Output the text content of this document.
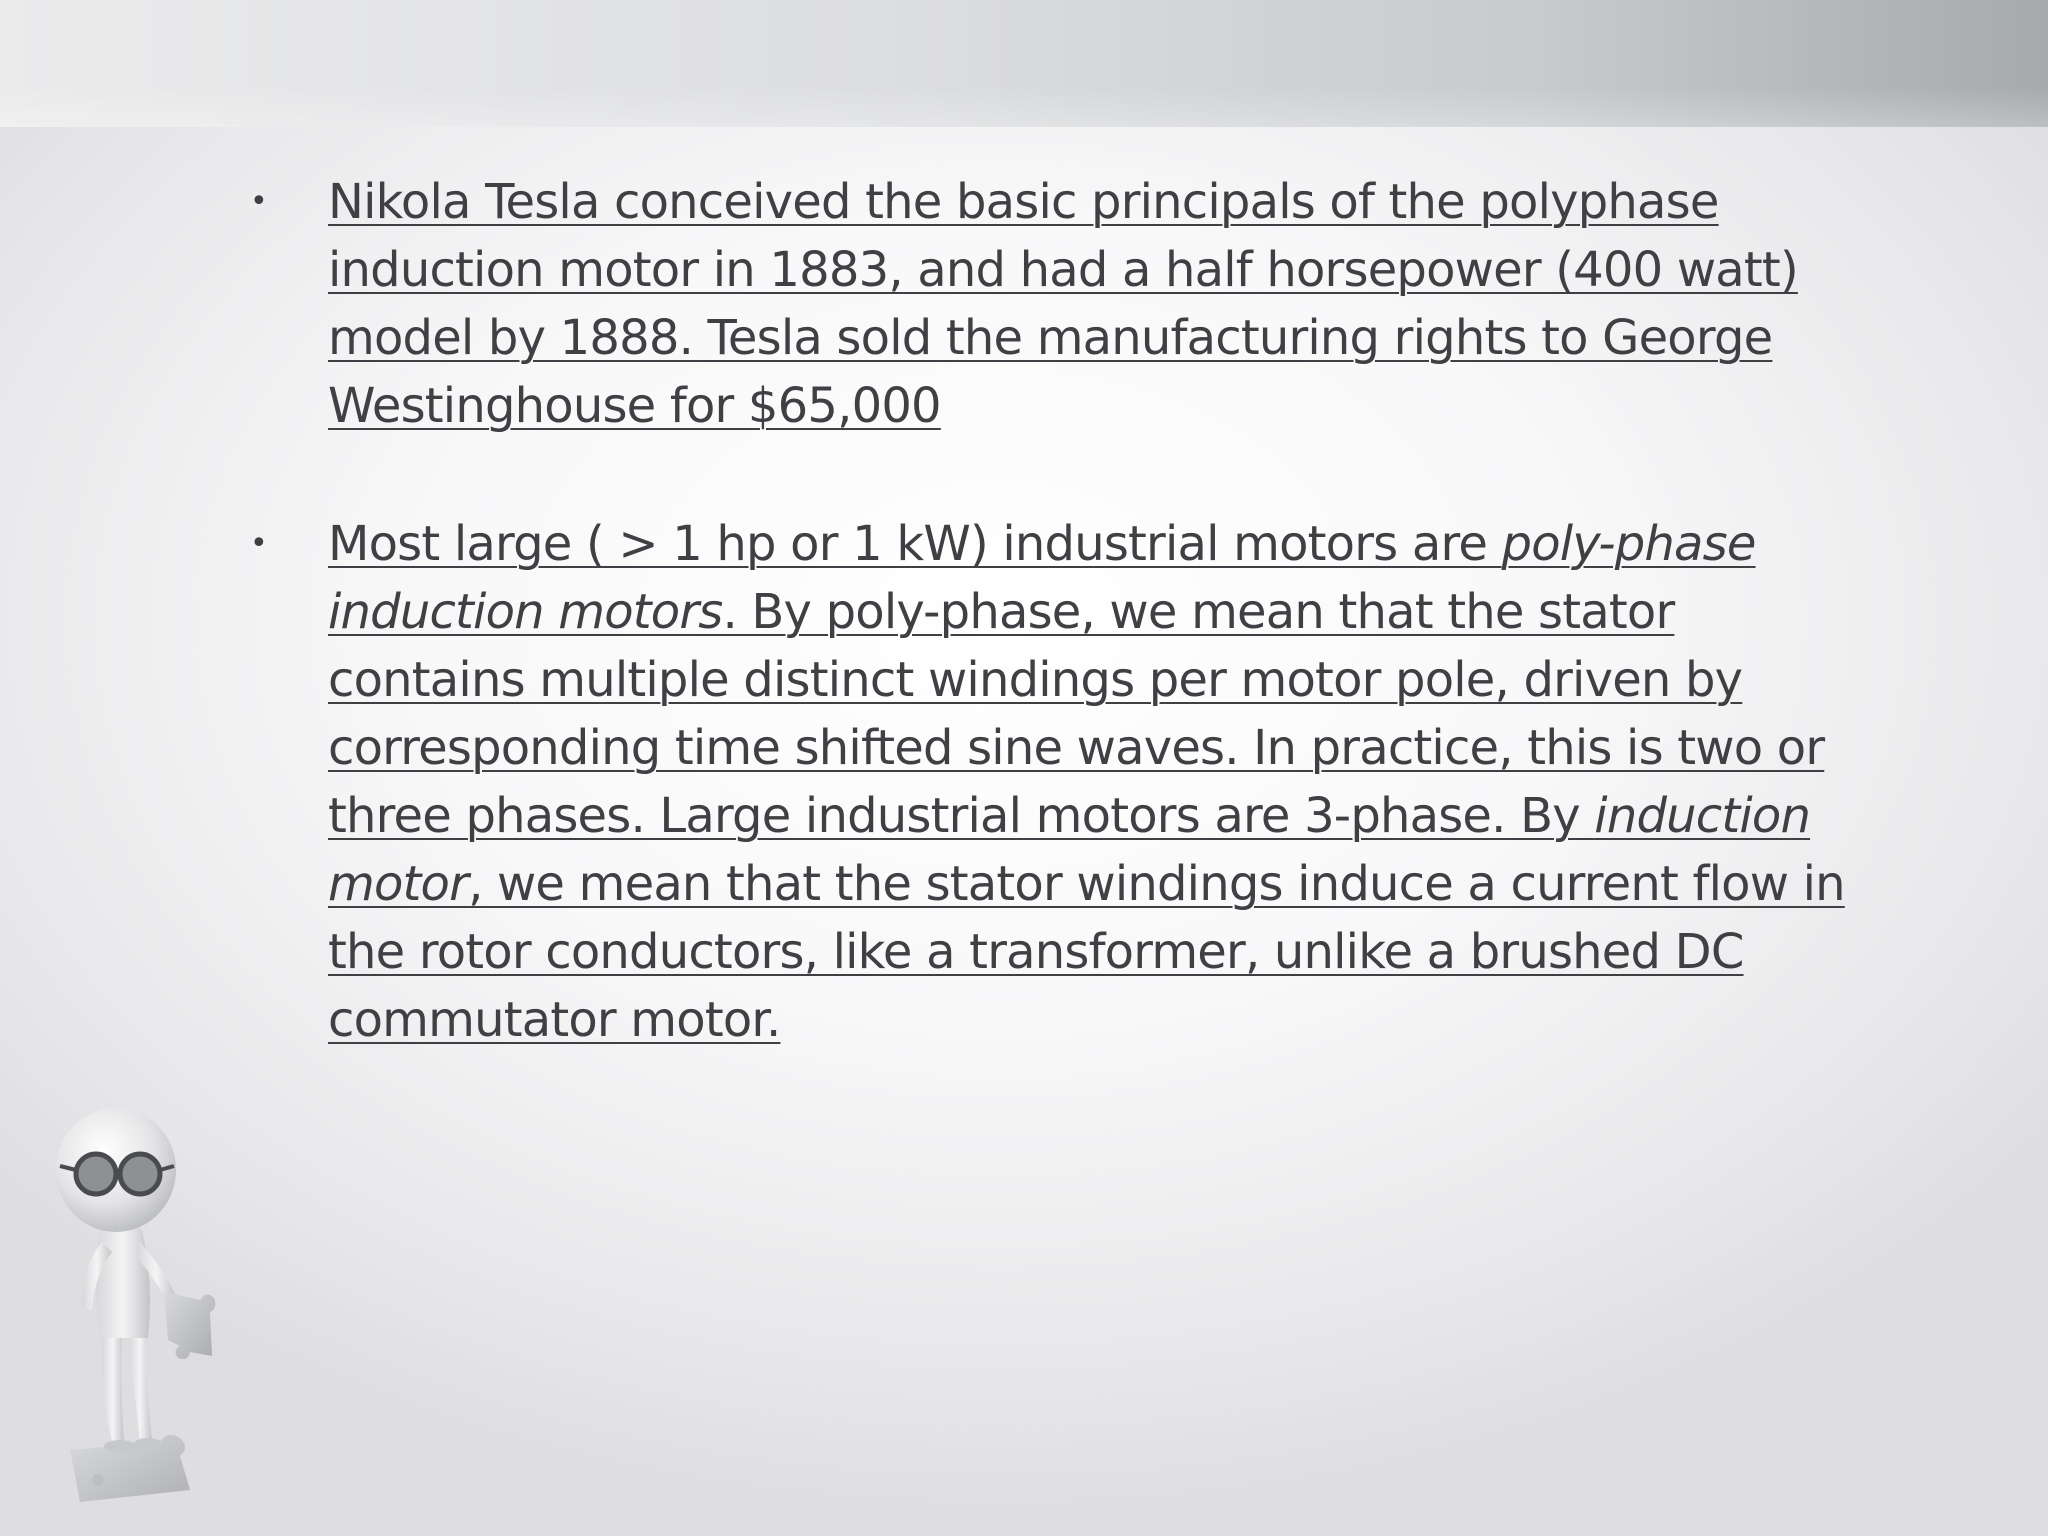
• Nikola Tesla conceived the basic principals of the polyphase induction motor in 1883, and had a half horsepower (400 watt) model by 1888. Tesla sold the manufacturing rights to George Westinghouse for $65,000

• Most large ( > 1 hp or 1 kW) industrial motors are poly-phase induction motors. By poly-phase, we mean that the stator contains multiple distinct windings per motor pole, driven by corresponding time shifted sine waves. In practice, this is two or three phases. Large industrial motors are 3-phase. By induction motor, we mean that the stator windings induce a current flow in the rotor conductors, like a transformer, unlike a brushed DC commutator motor.
